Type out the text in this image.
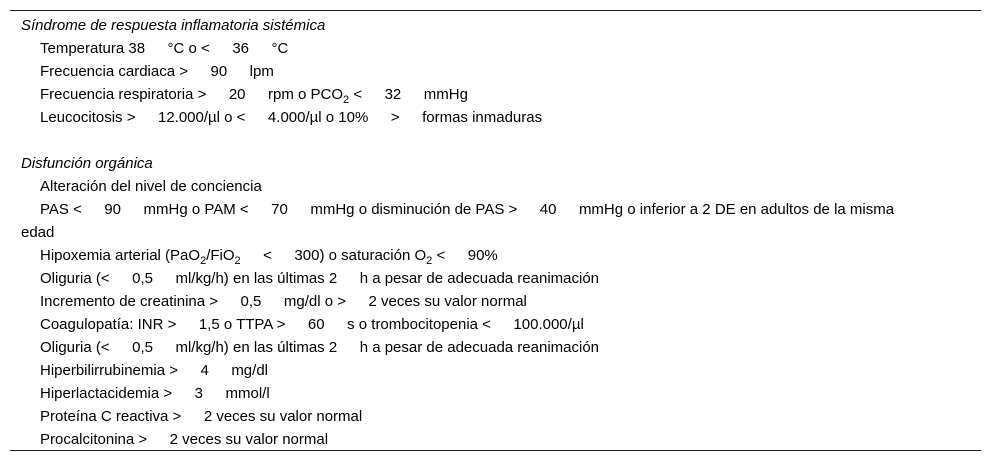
Síndrome de respuesta inflamatoria sistémica
Temperatura 38   °C o <   36   °C
Frecuencia cardiaca >   90   lpm
Frecuencia respiratoria >   20   rpm o $PCO_2$ <   32   mmHg
Leucocitosis >   12.000/µl o <   4.000/µl o 10%   >   formas inmaduras
Disfunción orgánica
Alteración del nivel de conciencia
PAS <   90   mmHg o PAM <   70   mmHg o disminución de PAS >   40   mmHg o inferior a 2 DE en adultos de la misma
edad
Hipoxemia arterial (PaO$_2$/FiO$_2$   <   300) o saturación $O_2$ <   90%
Oliguria (<   0,5   ml/kg/h) en las últimas 2   h a pesar de adecuada reanimación
Incremento de creatinina >   0,5   mg/dl o >   2 veces su valor normal
Coagulopatía: INR >   1,5 o TTPA >   60   s o trombocitopenia <   100.000/µl
Oliguria (<   0,5   ml/kg/h) en las últimas 2   h a pesar de adecuada reanimación
Hiperbilirrubinemia >   4   mg/dl
Hiperlactacidemia >   3   mmol/l
Proteína C reactiva >   2 veces su valor normal
Procalcitonina >   2 veces su valor normal
